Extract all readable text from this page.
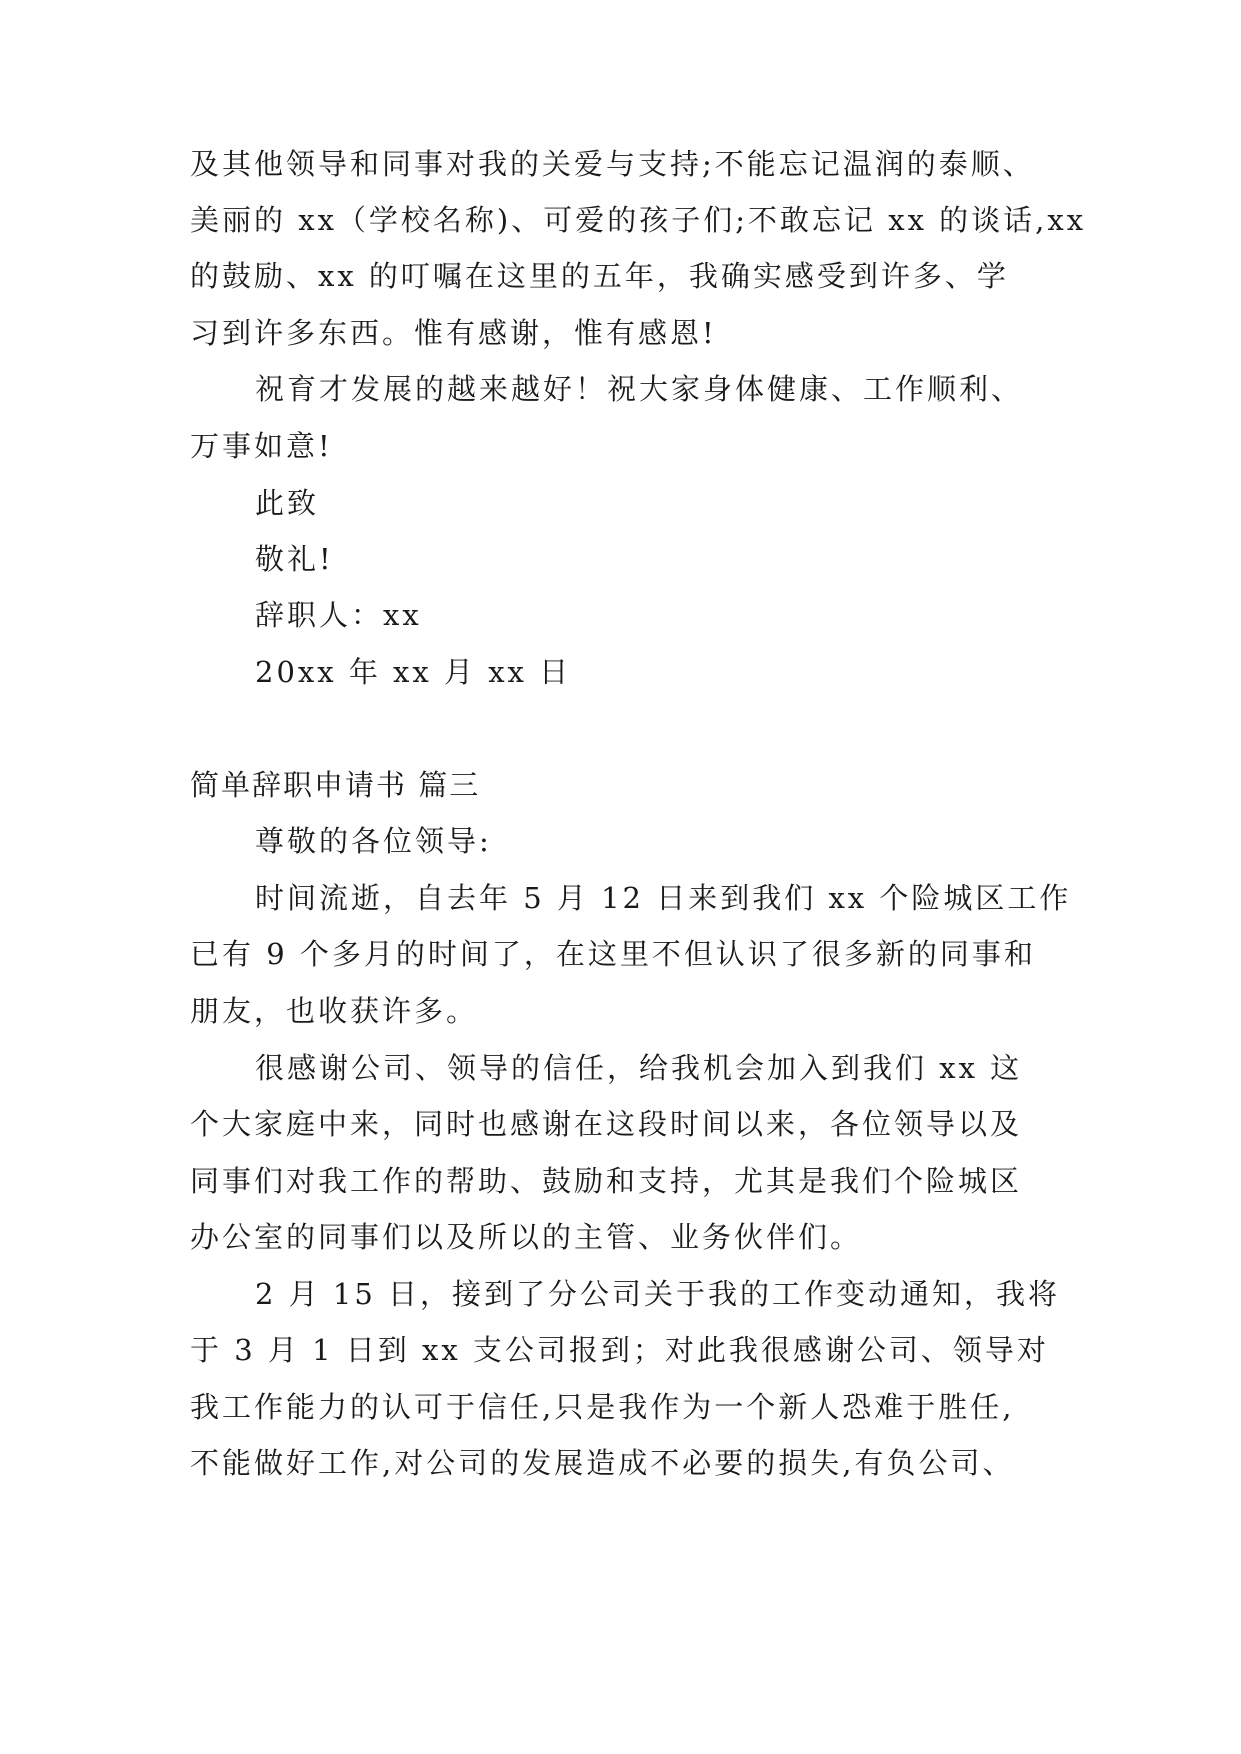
及其他领导和同事对我的关爱与支持;不能忘记温润的泰顺、
美丽的 xx（学校名称)、可爱的孩子们;不敢忘记 xx 的谈话,xx
的鼓励、xx 的叮嘱在这里的五年，我确实感受到许多、学
习到许多东西。惟有感谢，惟有感恩!
祝育才发展的越来越好！祝大家身体健康、工作顺利、
万事如意!
此致
敬礼!
辞职人：xx
20xx 年 xx 月 xx 日
简单辞职申请书 篇三
尊敬的各位领导:
时间流逝，自去年 5 月 12 日来到我们 xx 个险城区工作
已有 9 个多月的时间了，在这里不但认识了很多新的同事和
朋友，也收获许多。
很感谢公司、领导的信任，给我机会加入到我们 xx 这
个大家庭中来，同时也感谢在这段时间以来，各位领导以及
同事们对我工作的帮助、鼓励和支持，尤其是我们个险城区
办公室的同事们以及所以的主管、业务伙伴们。
2 月 15 日，接到了分公司关于我的工作变动通知，我将
于 3 月 1 日到 xx 支公司报到；对此我很感谢公司、领导对
我工作能力的认可于信任,只是我作为一个新人恐难于胜任,
不能做好工作,对公司的发展造成不必要的损失,有负公司、
